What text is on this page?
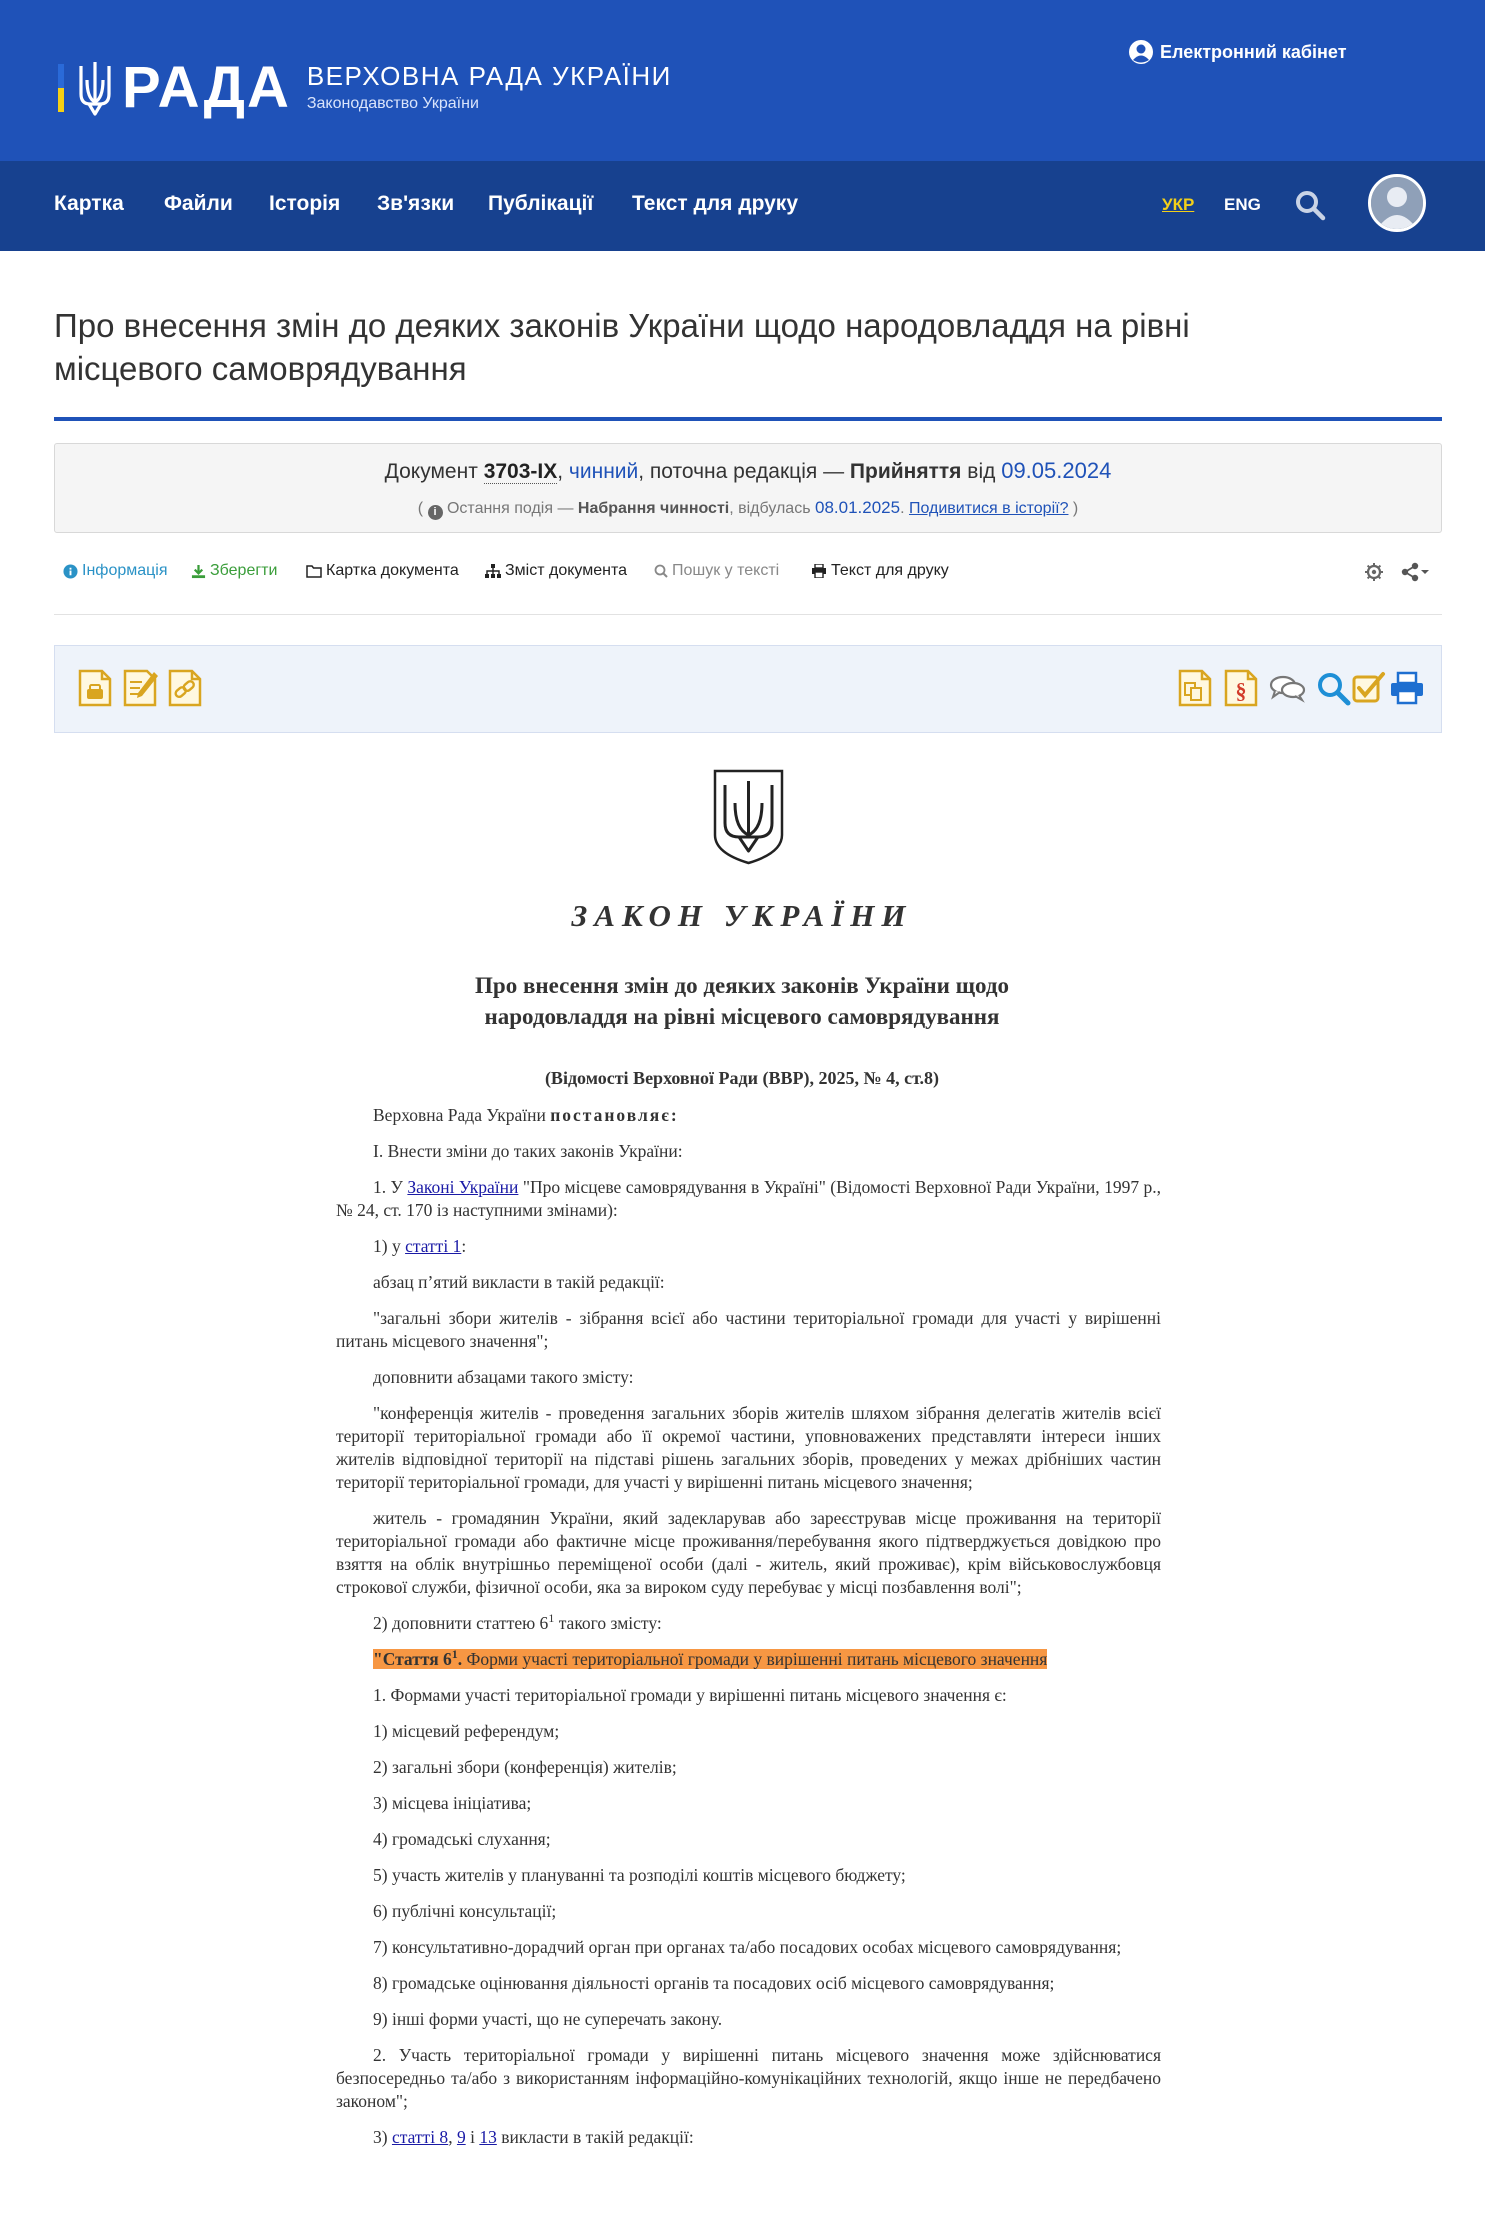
РАДА ВЕРХОВНА РАДА УКРАЇНИ
Законодавство України
Електронний кабінет
Картка Файли Історія Зв'язки Публікації Текст для друку	УКР ENG
Про внесення змін до деяких законів України щодо народовладдя на рівні місцевого самоврядування
Документ 3703-IX, чинний, поточна редакція — Прийняття від 09.05.2024
( i Остання подія — Набрання чинності, відбулась 08.01.2025. Подивитися в історії? )
Інформація	Зберегти	Картка документа	Зміст документа	Пошук у тексті	Текст для друку
§
ЗАКОН УКРАЇНИ
Про внесення змін до деяких законів України щодо
народовладдя на рівні місцевого самоврядування
(Відомості Верховної Ради (ВВР), 2025, № 4, ст.8)

Верховна Рада України постановляє:

I. Внести зміни до таких законів України:

1. У Законі України "Про місцеве самоврядування в Україні" (Відомості Верховної Ради України, 1997 р., № 24, ст. 170 із наступними змінами):

1) у статті 1:

абзац п’ятий викласти в такій редакції:

"загальні збори жителів - зібрання всієї або частини територіальної громади для участі у вирішенні питань місцевого значення";

доповнити абзацами такого змісту:

"конференція жителів - проведення загальних зборів жителів шляхом зібрання делегатів жителів всієї території територіальної громади або її окремої частини, уповноважених представляти інтереси інших жителів відповідної території на підставі рішень загальних зборів, проведених у межах дрібніших частин території територіальної громади, для участі у вирішенні питань місцевого значення;

житель - громадянин України, який задекларував або зареєстрував місце проживання на території територіальної громади або фактичне місце проживання/перебування якого підтверджується довідкою про взяття на облік внутрішньо переміщеної особи (далі - житель, який проживає), крім військовослужбовця строкової служби, фізичної особи, яка за вироком суду перебуває у місці позбавлення волі";

2) доповнити статтею $6^1$ такого змісту:

"Стаття $6^1$. Форми участі територіальної громади у вирішенні питань місцевого значення

1. Формами участі територіальної громади у вирішенні питань місцевого значення є:

1) місцевий референдум;

2) загальні збори (конференція) жителів;

3) місцева ініціатива;

4) громадські слухання;

5) участь жителів у плануванні та розподілі коштів місцевого бюджету;

6) публічні консультації;

7) консультативно-дорадчий орган при органах та/або посадових особах місцевого самоврядування;

8) громадське оцінювання діяльності органів та посадових осіб місцевого самоврядування;

9) інші форми участі, що не суперечать закону.

2. Участь територіальної громади у вирішенні питань місцевого значення може здійснюватися безпосередньо та/або з використанням інформаційно-комунікаційних технологій, якщо інше не передбачено законом";

3) статті 8, 9 і 13 викласти в такій редакції:
